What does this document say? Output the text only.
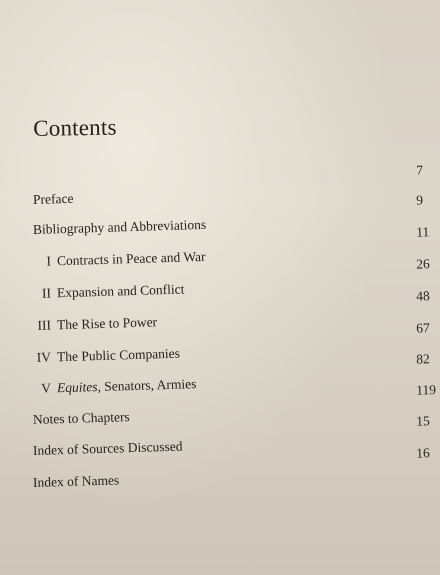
Contents
Preface
7
Bibliography and Abbreviations
9
I Contracts in Peace and War
11
II Expansion and Conflict
26
III The Rise to Power
48
IV The Public Companies
67
V Equites, Senators, Armies
82
Notes to Chapters
119
Index of Sources Discussed
15
Index of Names
16
